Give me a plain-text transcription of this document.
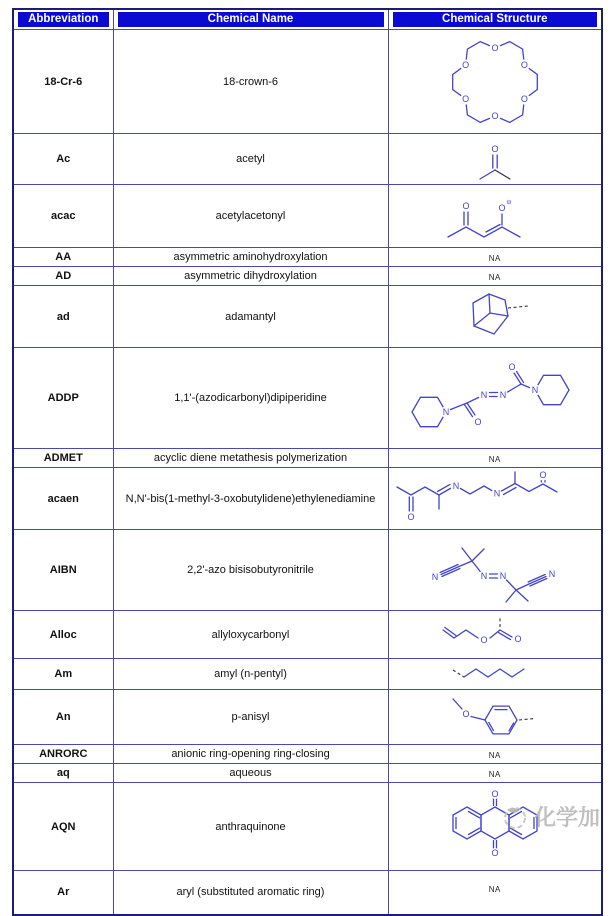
Abbreviation	Chemical Name	Chemical Structure

18-Cr-6	18-crown-6	
O
O
O
O
O
O

Ac	acetyl	O

acac	acetylacetonyl	O O
⊖

AA	asymmetric aminohydroxylation	NA
AD	asymmetric dihydroxylation	NA
ad	adamantyl	
ADDP	1,1'-(azodicarbonyl)dipiperidine	
N
O
N N
O
N

ADMET	acyclic diene metathesis polymerization	NA
acaen	N,N'-bis(1-methyl-3-oxobutylidene)ethylenediamine	O
N
N
O

AIBN	2,2'-azo bisisobutyronitrile	N N N N

Alloc	allyloxycarbonyl	O O

Am	amyl (n-pentyl)	
An	p-anisyl	O

ANRORC	anionic ring-opening ring-closing	NA
aq	aqueous	NA
AQN	anthraquinone	O
O

Ar	aryl (substituted aromatic ring)	NA
化学加
